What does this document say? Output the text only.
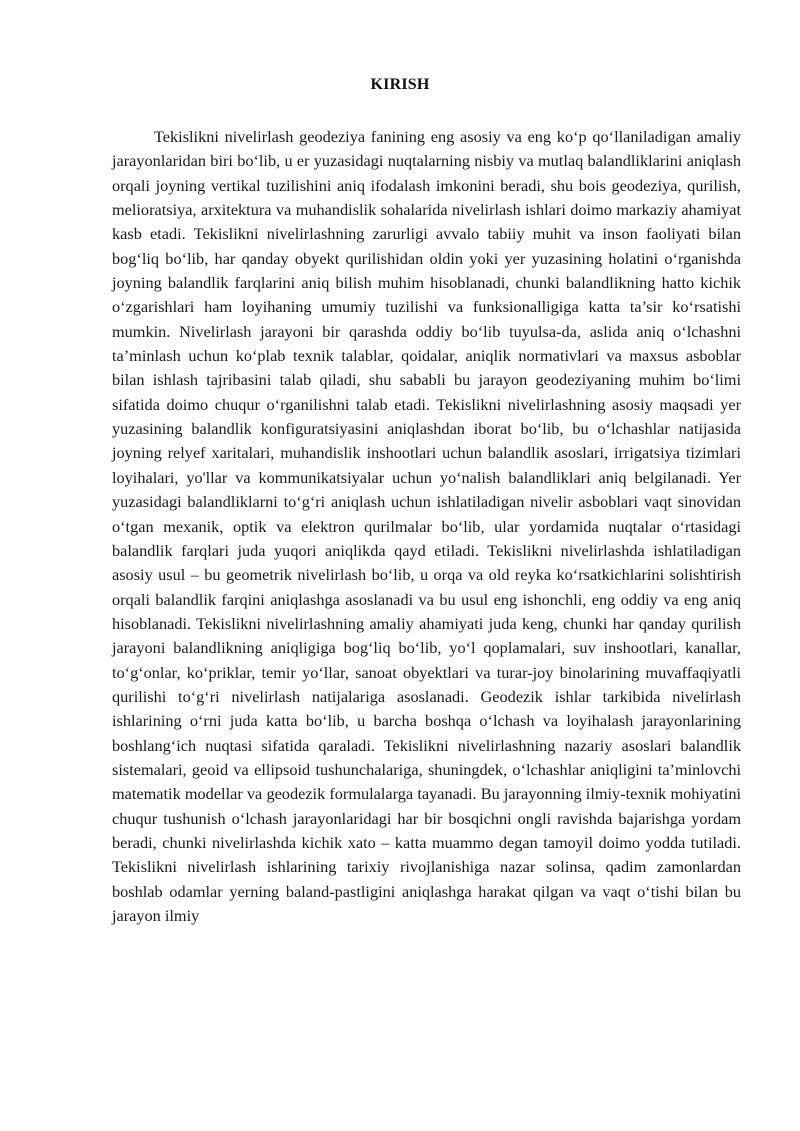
KIRISH

Tekislikni nivelirlash geodeziya fanining eng asosiy va eng ko‘p qo‘llaniladigan amaliy jarayonlaridan biri bo‘lib, u er yuzasidagi nuqtalarning nisbiy va mutlaq balandliklarini aniqlash orqali joyning vertikal tuzilishini aniq ifodalash imkonini beradi, shu bois geodeziya, qurilish, melioratsiya, arxitektura va muhandislik sohalarida nivelirlash ishlari doimo markaziy ahamiyat kasb etadi. Tekislikni nivelirlashning zarurligi avvalo tabiiy muhit va inson faoliyati bilan bog‘liq bo‘lib, har qanday obyekt qurilishidan oldin yoki yer yuzasining holatini o‘rganishda joyning balandlik farqlarini aniq bilish muhim hisoblanadi, chunki balandlikning hatto kichik o‘zgarishlari ham loyihaning umumiy tuzilishi va funksionalligiga katta ta’sir ko‘rsatishi mumkin. Nivelirlash jarayoni bir qarashda oddiy bo‘lib tuyulsa-da, aslida aniq o‘lchashni ta’minlash uchun ko‘plab texnik talablar, qoidalar, aniqlik normativlari va maxsus asboblar bilan ishlash tajribasini talab qiladi, shu sababli bu jarayon geodeziyaning muhim bo‘limi sifatida doimo chuqur o‘rganilishni talab etadi. Tekislikni nivelirlashning asosiy maqsadi yer yuzasining balandlik konfiguratsiyasini aniqlashdan iborat bo‘lib, bu o‘lchashlar natijasida joyning relyef xaritalari, muhandislik inshootlari uchun balandlik asoslari, irrigatsiya tizimlari loyihalari, yo'llar va kommunikatsiyalar uchun yo‘nalish balandliklari aniq belgilanadi. Yer yuzasidagi balandliklarni to‘g‘ri aniqlash uchun ishlatiladigan nivelir asboblari vaqt sinovidan o‘tgan mexanik, optik va elektron qurilmalar bo‘lib, ular yordamida nuqtalar o‘rtasidagi balandlik farqlari juda yuqori aniqlikda qayd etiladi. Tekislikni nivelirlashda ishlatiladigan asosiy usul – bu geometrik nivelirlash bo‘lib, u orqa va old reyka ko‘rsatkichlarini solishtirish orqali balandlik farqini aniqlashga asoslanadi va bu usul eng ishonchli, eng oddiy va eng aniq hisoblanadi. Tekislikni nivelirlashning amaliy ahamiyati juda keng, chunki har qanday qurilish jarayoni balandlikning aniqligiga bog‘liq bo‘lib, yo‘l qoplamalari, suv inshootlari, kanallar, to‘g‘onlar, ko‘priklar, temir yo‘llar, sanoat obyektlari va turar-joy binolarining muvaffaqiyatli qurilishi to‘g‘ri nivelirlash natijalariga asoslanadi. Geodezik ishlar tarkibida nivelirlash ishlarining o‘rni juda katta bo‘lib, u barcha boshqa o‘lchash va loyihalash jarayonlarining boshlang‘ich nuqtasi sifatida qaraladi. Tekislikni nivelirlashning nazariy asoslari balandlik sistemalari, geoid va ellipsoid tushunchalariga, shuningdek, o‘lchashlar aniqligini ta’minlovchi matematik modellar va geodezik formulalarga tayanadi. Bu jarayonning ilmiy-texnik mohiyatini chuqur tushunish o‘lchash jarayonlaridagi har bir bosqichni ongli ravishda bajarishga yordam beradi, chunki nivelirlashda kichik xato – katta muammo degan tamoyil doimo yodda tutiladi. Tekislikni nivelirlash ishlarining tarixiy rivojlanishiga nazar solinsa, qadim zamonlardan boshlab odamlar yerning baland-pastligini aniqlashga harakat qilgan va vaqt o‘tishi bilan bu jarayon ilmiy
